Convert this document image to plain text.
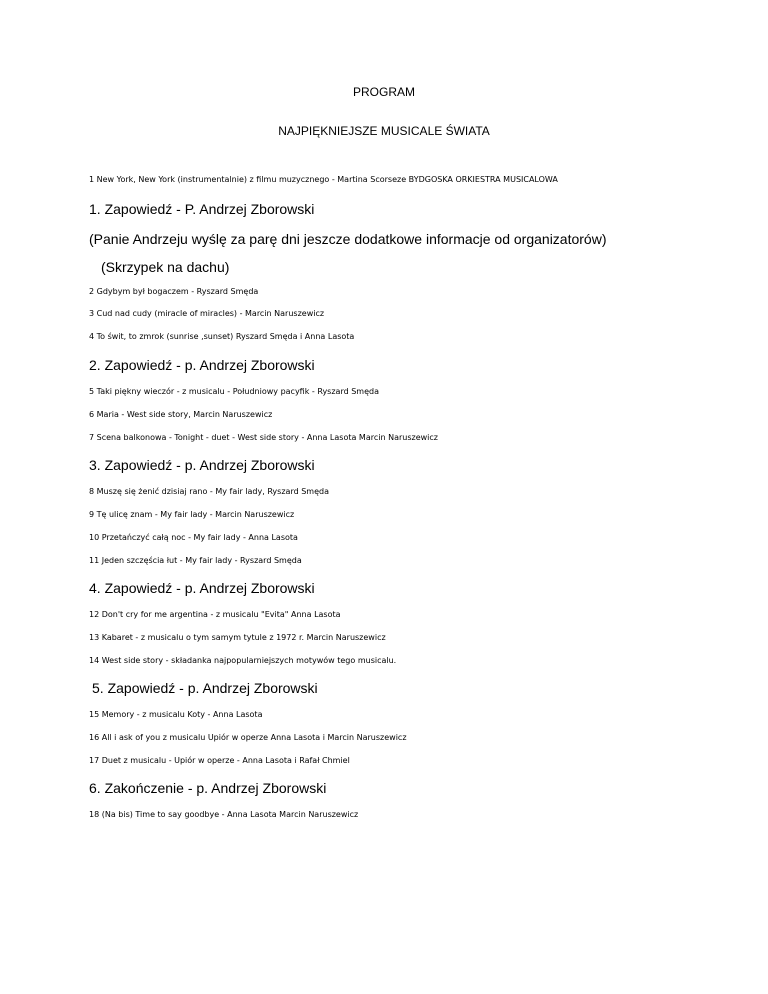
PROGRAM
NAJPIĘKNIEJSZE MUSICALE ŚWIATA
1 New York, New York (instrumentalnie) z filmu muzycznego - Martina Scorseze BYDGOSKA ORKIESTRA MUSICALOWA
1. Zapowiedź - P. Andrzej Zborowski
(Panie Andrzeju wyślę za parę dni jeszcze dodatkowe informacje od organizatorów)
(Skrzypek na dachu)
2 Gdybym był bogaczem - Ryszard Smęda
3 Cud nad cudy (miracle of miracles) - Marcin Naruszewicz
4 To świt, to zmrok (sunrise ,sunset) Ryszard Smęda i Anna Lasota
2. Zapowiedź - p. Andrzej Zborowski
5 Taki piękny wieczór - z musicalu - Południowy pacyfik - Ryszard Smęda
6 Maria - West side story, Marcin Naruszewicz
7 Scena balkonowa - Tonight - duet - West side story - Anna Lasota Marcin Naruszewicz
3. Zapowiedź - p. Andrzej Zborowski
8 Muszę się żenić dzisiaj rano - My fair lady, Ryszard Smęda
9 Tę ulicę znam - My fair lady - Marcin Naruszewicz
10 Przetańczyć całą noc - My fair lady - Anna Lasota
11 Jeden szczęścia łut - My fair lady - Ryszard Smęda
4. Zapowiedź - p. Andrzej Zborowski
12 Don't cry for me argentina - z musicalu "Evita" Anna Lasota
13 Kabaret - z musicalu o tym samym tytule z 1972 r. Marcin Naruszewicz
14 West side story - składanka najpopularniejszych motywów tego musicalu.
5. Zapowiedź - p. Andrzej Zborowski
15 Memory - z musicalu Koty - Anna Lasota
16 All i ask of you z musicalu Upiór w operze Anna Lasota i Marcin Naruszewicz
17 Duet z musicalu - Upiór w operze - Anna Lasota i Rafał Chmiel
6. Zakończenie - p. Andrzej Zborowski
18 (Na bis) Time to say goodbye - Anna Lasota Marcin Naruszewicz
